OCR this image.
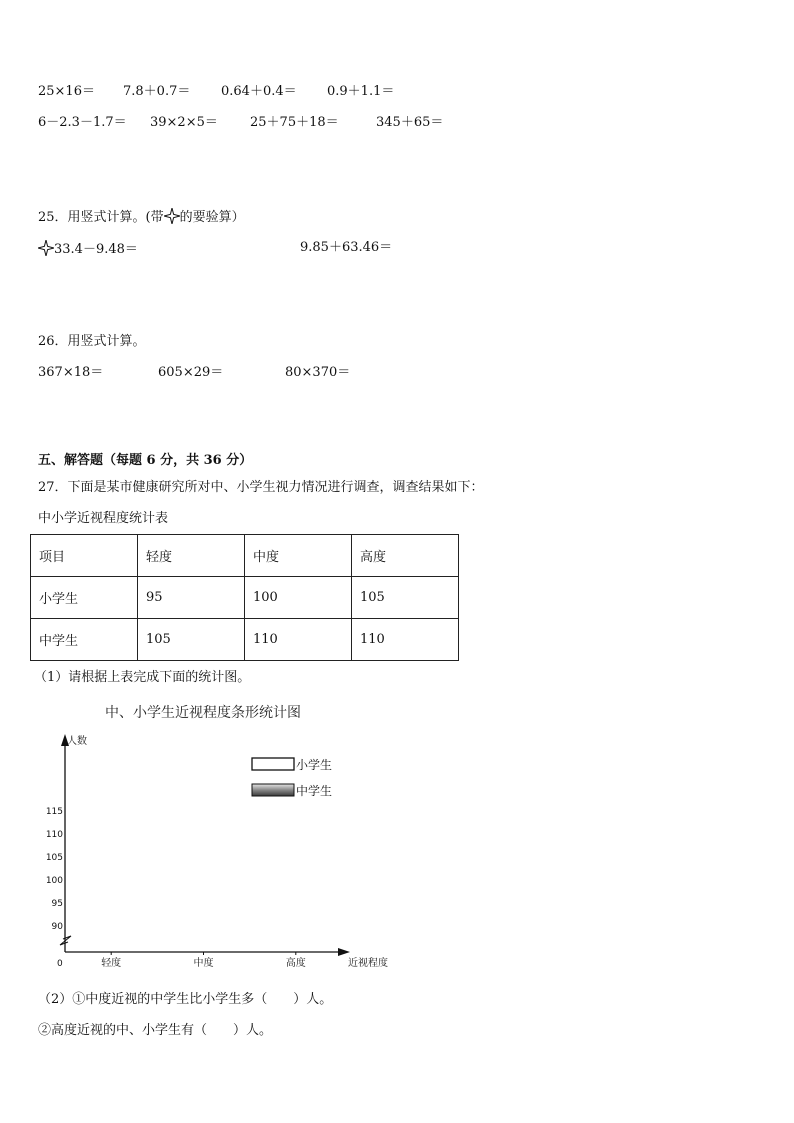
25×16＝ 7.8＋0.7＝ 0.64＋0.4＝ 0.9＋1.1＝
6－2.3－1.7＝ 39×2×5＝ 25＋75＋18＝	345＋65＝
25．用竖式计算。(带 的要验算）
33.4－9.48＝	9.85＋63.46＝
26．用竖式计算。
367×18＝	605×29＝	80×370＝
五、解答题（每题 6 分，共 36 分）
27．下面是某市健康研究所对中、小学生视力情况进行调查，调查结果如下：
中小学近视程度统计表
项目	轻度	中度	高度
小学生	95	100	105
中学生	105	110	110
（1）请根据上表完成下面的统计图。
中、小学生近视程度条形统计图
人数
近视程度
0
90
95
100
105
110
115
轻度	中度	高度
小学生
中学生
（2）①中度近视的中学生比小学生多（　　）人。
②高度近视的中、小学生有（　　）人。
